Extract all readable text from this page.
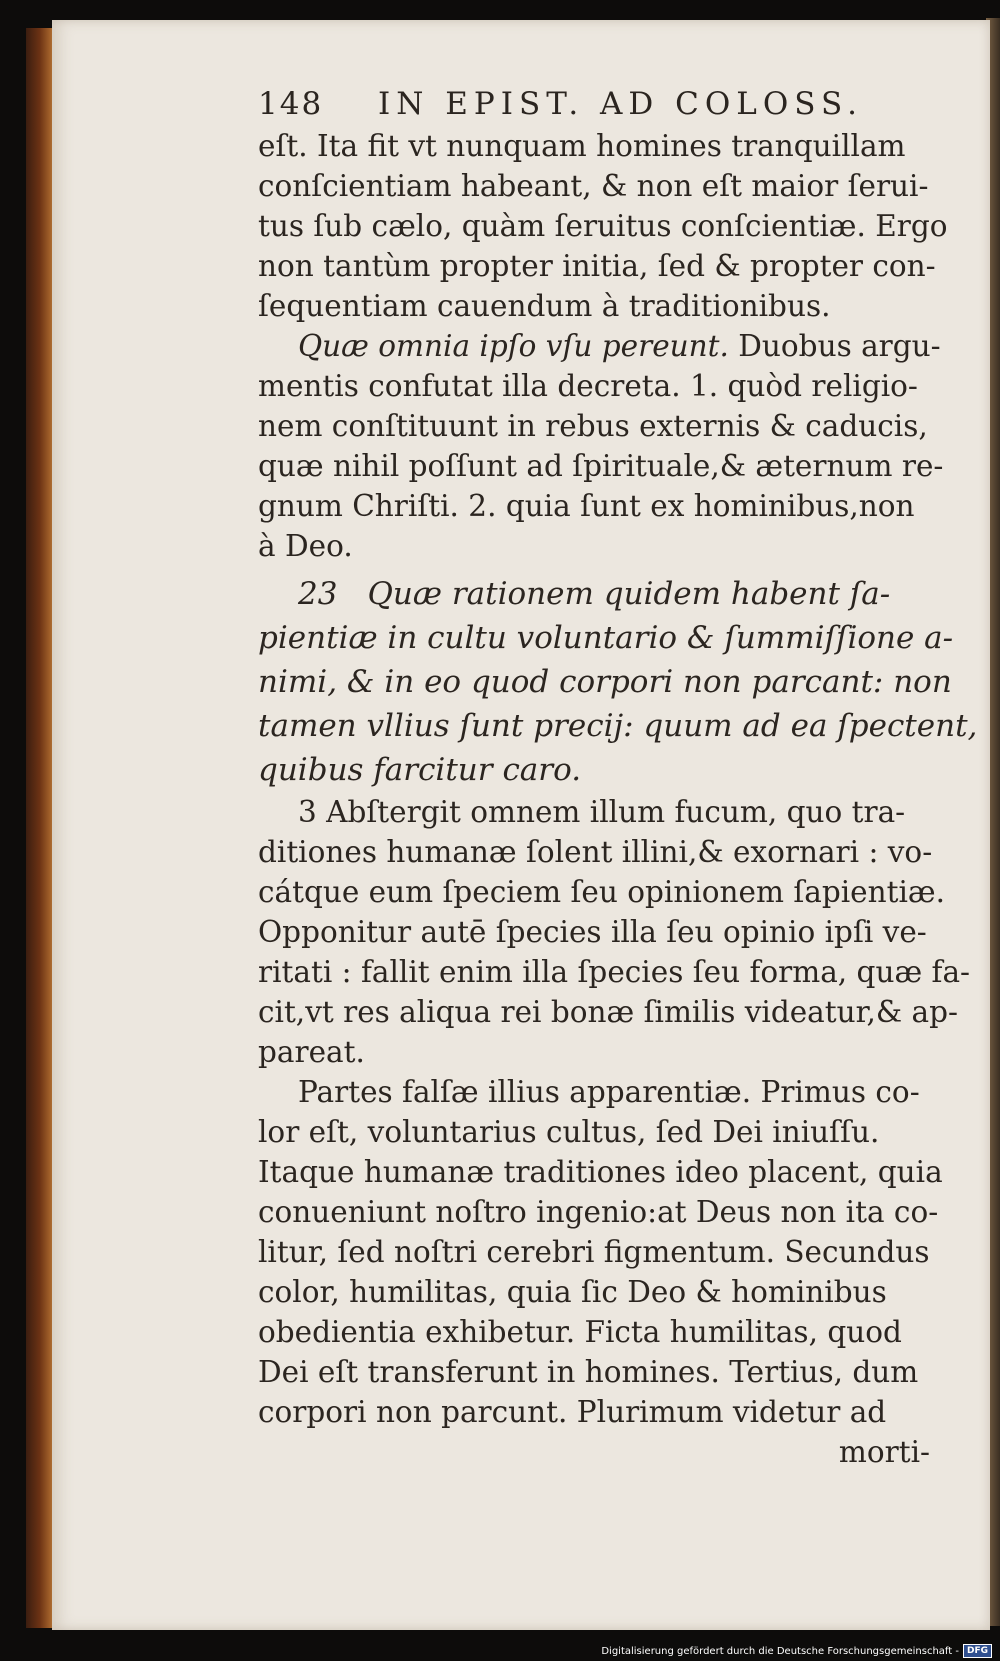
148	IN EPIST. AD COLOSS.

eſt. Ita fit vt nunquam homines tranquillam
conſcientiam habeant, & non eſt maior ſerui-
tus ſub cælo, quàm ſeruitus conſcientiæ. Ergo
non tantùm propter initia, ſed & propter con-
ſequentiam cauendum à traditionibus.

Quæ omnia ipſo vſu pereunt. Duobus argu-
mentis confutat illa decreta. 1. quòd religio-
nem conſtituunt in rebus externis & caducis,
quæ nihil poſſunt ad ſpirituale,& æternum re-
gnum Chriſti. 2. quia ſunt ex hominibus,non
à Deo.

23 Quæ rationem quidem habent ſa-
pientiæ in cultu voluntario & ſummiſſione a-
nimi, & in eo quod corpori non parcant: non
tamen vllius ſunt precij: quum ad ea ſpectent,
quibus farcitur caro.

3 Abſtergit omnem illum fucum, quo tra-
ditiones humanæ ſolent illini,& exornari : vo-
cátque eum ſpeciem ſeu opinionem ſapientiæ.
Opponitur autē ſpecies illa ſeu opinio ipſi ve-
ritati : fallit enim illa ſpecies ſeu forma, quæ fa-
cit,vt res aliqua rei bonæ ſimilis videatur,& ap-
pareat.

Partes falſæ illius apparentiæ. Primus co-
lor eſt, voluntarius cultus, ſed Dei iniuſſu.
Itaque humanæ traditiones ideo placent, quia
conueniunt noſtro ingenio:at Deus non ita co-
litur, ſed noſtri cerebri figmentum. Secundus
color, humilitas, quia ſic Deo & hominibus
obedientia exhibetur. Ficta humilitas, quod
Dei eſt transferunt in homines. Tertius, dum
corpori non parcunt. Plurimum videtur ad

morti-
Digitalisierung gefördert durch die Deutsche Forschungsgemeinschaft - DFG
